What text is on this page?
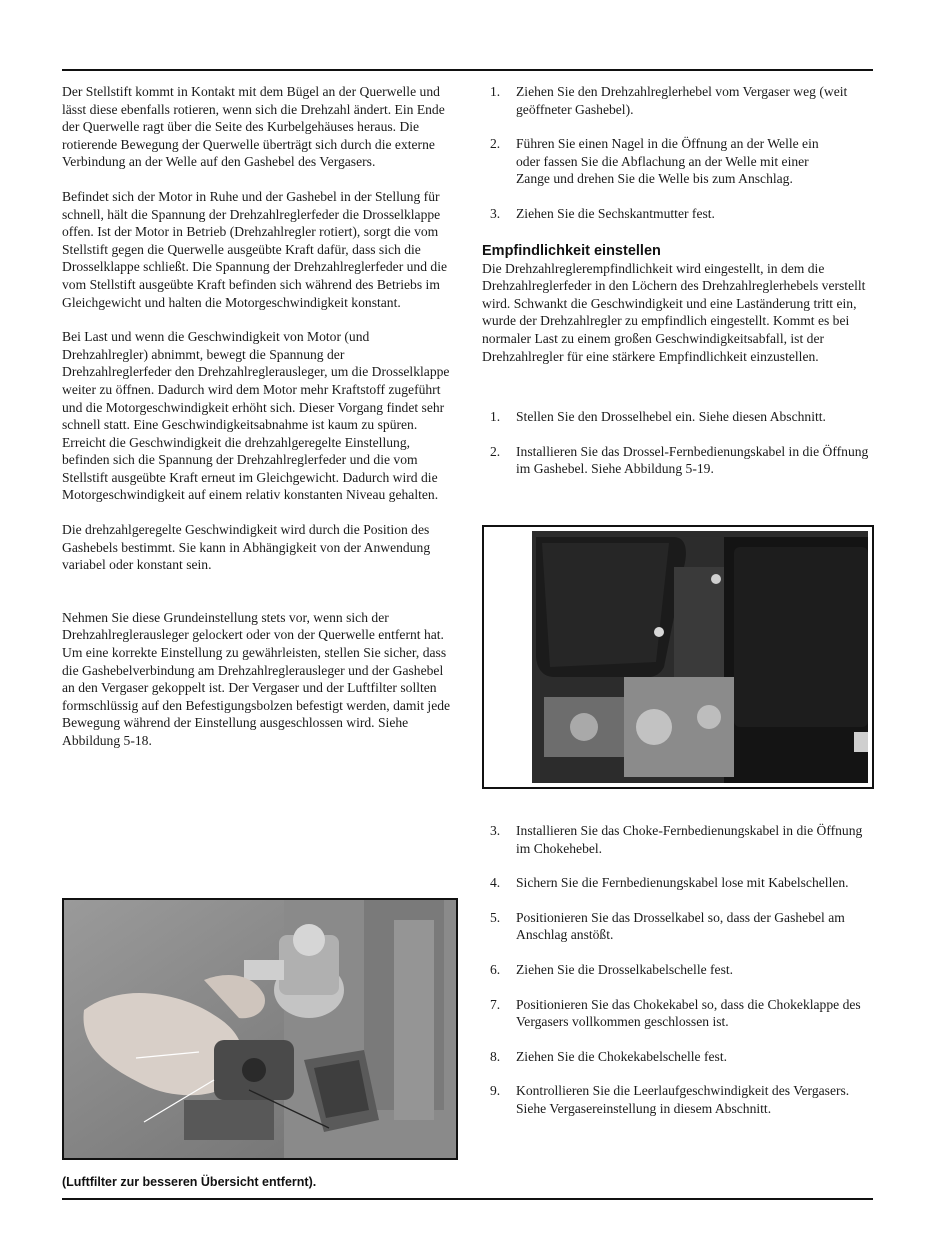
Der Stellstift kommt in Kontakt mit dem Bügel an der Querwelle und lässt diese ebenfalls rotieren, wenn sich die Drehzahl ändert. Ein Ende der Querwelle ragt über die Seite des Kurbelgehäuses heraus. Die rotierende Bewegung der Querwelle überträgt sich durch die externe Verbindung an der Welle auf den Gashebel des Vergasers.

Befindet sich der Motor in Ruhe und der Gashebel in der Stellung für schnell, hält die Spannung der Drehzahlreglerfeder die Drosselklappe offen. Ist der Motor in Betrieb (Drehzahlregler rotiert), sorgt die vom Stellstift gegen die Querwelle ausgeübte Kraft dafür, dass sich die Drosselklappe schließt. Die Spannung der Drehzahlreglerfeder und die vom Stellstift ausgeübte Kraft befinden sich während des Betriebs im Gleichgewicht und halten die Motorgeschwindigkeit konstant.

Bei Last und wenn die Geschwindigkeit von Motor (und Drehzahlregler) abnimmt, bewegt die Spannung der Drehzahlreglerfeder den Drehzahlreglerausleger, um die Drosselklappe weiter zu öffnen. Dadurch wird dem Motor mehr Kraftstoff zugeführt und die Motorgeschwindigkeit erhöht sich. Dieser Vorgang findet sehr schnell statt. Eine Geschwindigkeitsabnahme ist kaum zu spüren. Erreicht die Geschwindigkeit die drehzahlgeregelte Einstellung, befinden sich die Spannung der Drehzahlreglerfeder und die vom Stellstift ausgeübte Kraft erneut im Gleichgewicht. Dadurch wird die Motorgeschwindigkeit auf einem relativ konstanten Niveau gehalten.

Die drehzahlgeregelte Geschwindigkeit wird durch die Position des Gashebels bestimmt. Sie kann in Abhängigkeit von der Anwendung variabel oder konstant sein.

Nehmen Sie diese Grundeinstellung stets vor, wenn sich der Drehzahlreglerausleger gelockert oder von der Querwelle entfernt hat. Um eine korrekte Einstellung zu gewährleisten, stellen Sie sicher, dass die Gashebelverbindung am Drehzahlreglerausleger und der Gashebel an den Vergaser gekoppelt ist. Der Vergaser und der Luftfilter sollten formschlüssig auf den Befestigungsbolzen befestigt werden, damit jede Bewegung während der Einstellung ausgeschlossen wird. Siehe Abbildung 5-18.

(Luftfilter zur besseren Übersicht entfernt).
1.	Ziehen Sie den Drehzahlreglerhebel vom Vergaser weg (weit geöffneter Gashebel).
2.	Führen Sie einen Nagel in die Öffnung an der Welle ein oder fassen Sie die Abflachung an der Welle mit einer Zange und drehen Sie die Welle bis zum Anschlag.
3.	Ziehen Sie die Sechskantmutter fest.

Empfindlichkeit einstellen

Die Drehzahlreglerempfindlichkeit wird eingestellt, in dem die Drehzahlreglerfeder in den Löchern des Drehzahlreglerhebels verstellt wird. Schwankt die Geschwindigkeit und eine Laständerung tritt ein, wurde der Drehzahlregler zu empfindlich eingestellt. Kommt es bei normaler Last zu einem großen Geschwindigkeitsabfall, ist der Drehzahlregler für eine stärkere Empfindlichkeit einzustellen.

1.	Stellen Sie den Drosselhebel ein. Siehe diesen Abschnitt.
2.	Installieren Sie das Drossel-Fernbedienungskabel in die Öffnung im Gashebel. Siehe Abbildung 5-19.
3.	Installieren Sie das Choke-Fernbedienungskabel in die Öffnung im Chokehebel.
4.	Sichern Sie die Fernbedienungskabel lose mit Kabelschellen.
5.	Positionieren Sie das Drosselkabel so, dass der Gashebel am Anschlag anstößt.
6.	Ziehen Sie die Drosselkabelschelle fest.
7.	Positionieren Sie das Chokekabel so, dass die Chokeklappe des Vergasers vollkommen geschlossen ist.
8.	Ziehen Sie die Chokekabelschelle fest.
9.	Kontrollieren Sie die Leerlaufgeschwindigkeit des Vergasers. Siehe Vergasereinstellung in diesem Abschnitt.
